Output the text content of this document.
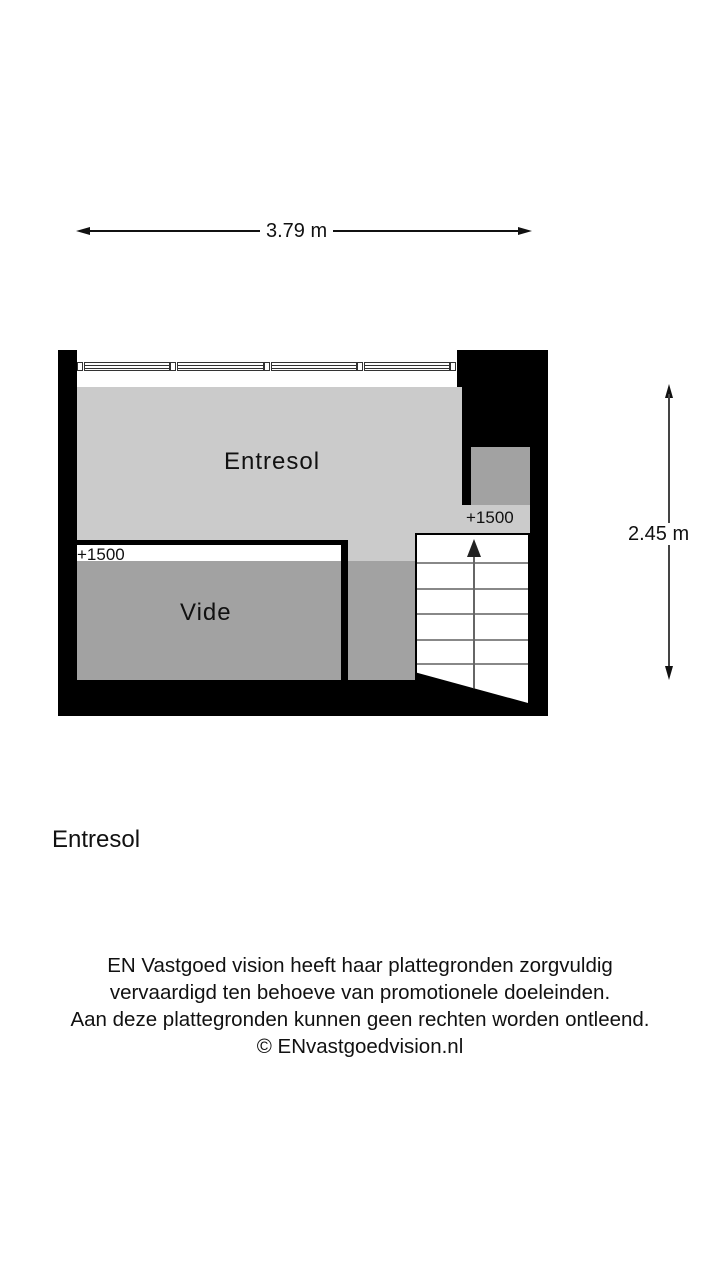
3.79 m
2.45 m
Entresol
Vide
+1500
+1500
Entresol
EN Vastgoed vision heeft haar plattegronden zorgvuldig
vervaardigd ten behoeve van promotionele doeleinden.
Aan deze plattegronden kunnen geen rechten worden ontleend.
© ENvastgoedvision.nl
